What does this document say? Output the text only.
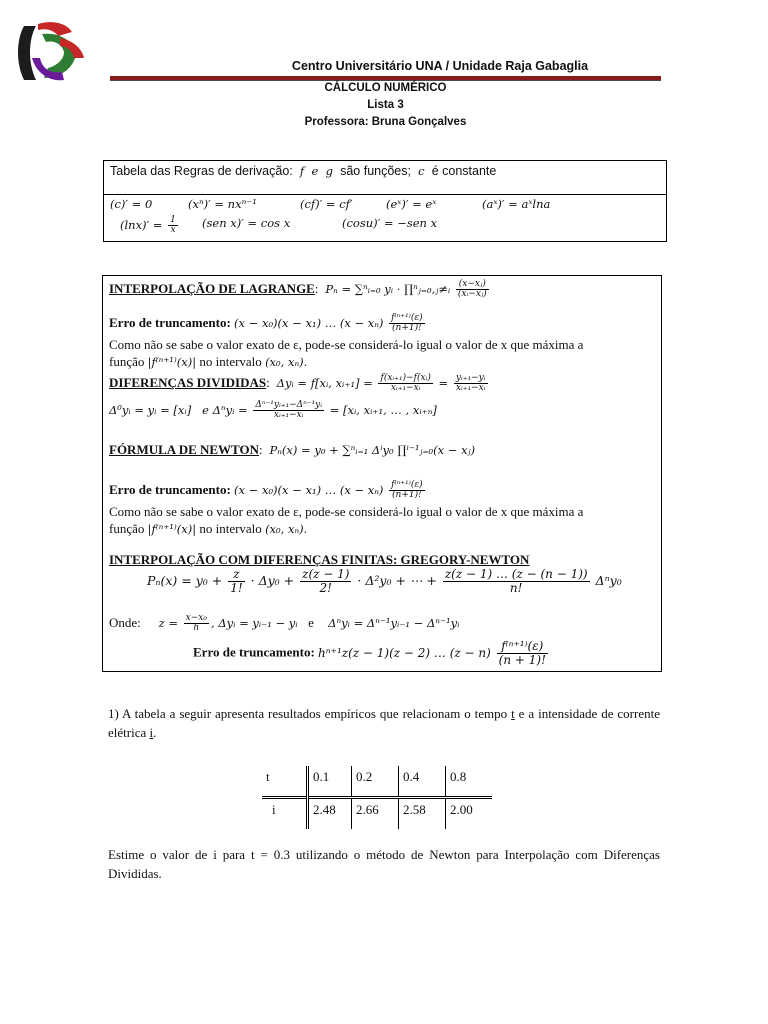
Centro Universitário UNA / Unidade Raja Gabaglia
CÁLCULO NUMÉRICO
Lista 3
Professora: Bruna Gonçalves
Tabela das Regras de derivação:  f  e  g  são funções;  c  é constante
(c)′ = 0	(xⁿ)′ = nxⁿ⁻¹	(cf)′ = cf′	(eˣ)′ = eˣ	(aˣ)′ = aˣlna
$(\ln x)' = \frac{1}{x} (sen$ x)′ = cos x	(cosu)′ = −sen x
INTERPOLAÇÃO DE LAGRANGE:  Pₙ = ∑ⁿᵢ₌₀ yᵢ · ∏ⁿⱼ₌₀,ⱼ≠ᵢ $\frac{\text{(x−xⱼ)}}{\text{(xᵢ−xⱼ)}}$
Erro de truncamento: (x − x₀)(x − x₁) … $(x - x_n) \frac{\text{f⁽ⁿ⁺¹⁾(ε)}}{(n+1)!}$
Como não se sabe o valor exato de ε, pode-se considerá-lo igual o valor de x que máxima a
função |f⁽ⁿ⁺¹⁾(x)| no intervalo (x₀, xₙ).
DIFERENÇAS DIVIDIDAS:  Δyᵢ = f[xᵢ, xᵢ₊₁] = $\frac{\text{f(xᵢ₊₁)−f(xᵢ)}}{\text{xᵢ₊₁−xᵢ}} = \frac{\text{yᵢ₊₁−yᵢ}}{\text{xᵢ₊₁−xᵢ}}$
Δ⁰yᵢ = yᵢ = [xᵢ]   e Δⁿyᵢ = $\frac{\text{Δⁿ⁻¹yᵢ₊₁−Δⁿ⁻¹yᵢ}}{\text{xᵢ₊₁−xᵢ}}$ = [xᵢ, xᵢ₊₁, … , xᵢ₊ₙ]
FÓRMULA DE NEWTON:  Pₙ(x) = y₀ + ∑ⁿᵢ₌₁ Δⁱy₀ ∏ⁱ⁻¹ⱼ₌₀(x − xⱼ)
Erro de truncamento: (x − x₀)(x − x₁) … $(x - x_n) \frac{\text{f⁽ⁿ⁺¹⁾(ε)}}{(n+1)!}$
Como não se sabe o valor exato de ε, pode-se considerá-lo igual o valor de x que máxima a
função |f⁽ⁿ⁺¹⁾(x)| no intervalo (x₀, xₙ).
INTERPOLAÇÃO COM DIFERENÇAS FINITAS: GREGORY-NEWTON
$P_n(x) = y_0 + \frac{z}{1!} \cdot \Delta y_0 + \frac{z(z - 1)}{2!} \cdot \Delta^2y_0$ + ⋯ + $\frac{z(z - 1) \dots (z - (n - 1))}{n!} \Delta^ny_0$
Onde:     $z = \frac{\text{x−x₀}}{h}$ , Δyᵢ = yᵢ₋₁ − yᵢ   e    Δⁿyᵢ = Δⁿ⁻¹yᵢ₋₁ − Δⁿ⁻¹yᵢ
Erro de truncamento: hⁿ⁺¹z(z − 1)(z − 2) … $(z - n) \frac{\text{f⁽ⁿ⁺¹⁾(ε)}}{(n + 1)!}$
1) A tabela a seguir apresenta resultados empíricos que relacionam o tempo t e a intensidade de corrente elétrica i.
t	0.1	0.2	0.4	0.8
i	2.48	2.66	2.58	2.00
Estime o valor de i para t = 0.3 utilizando o método de Newton para Interpolação com Diferenças Divididas.
